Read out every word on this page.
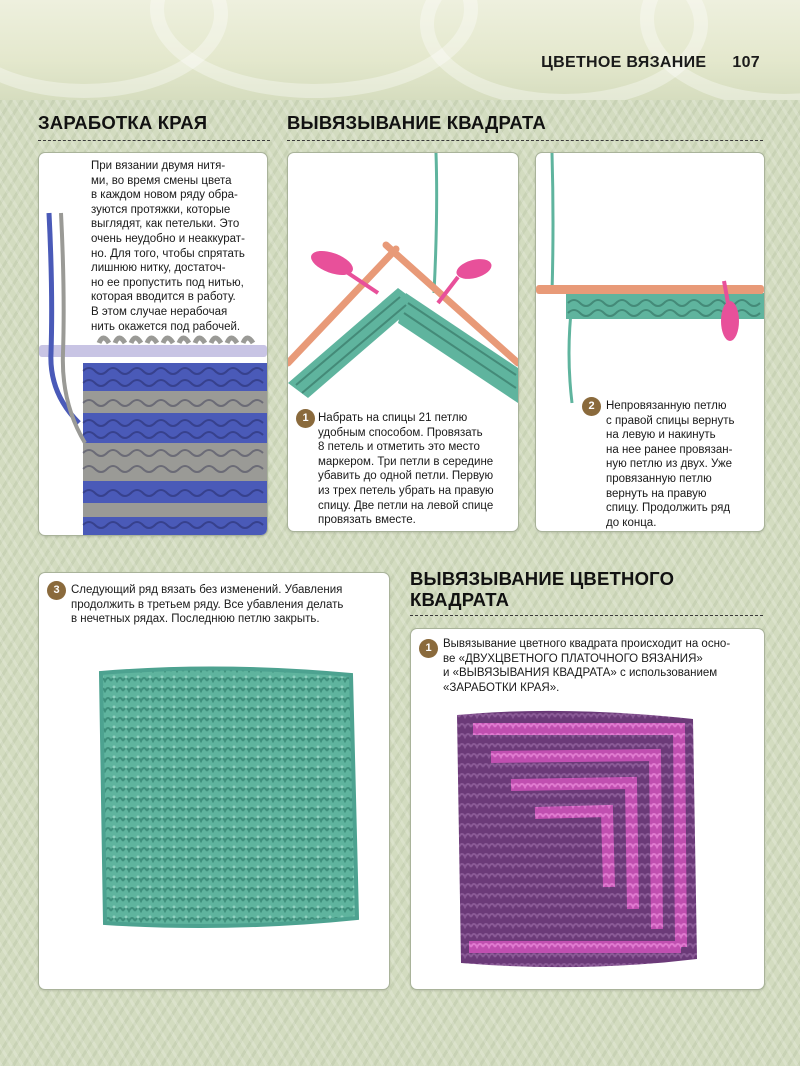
ЦВЕТНОЕ ВЯЗАНИЕ 107
ЗАРАБОТКА КРАЯ	ВЫВЯЗЫВАНИЕ КВАДРАТА
ВЫВЯЗЫВАНИЕ ЦВЕТНОГО
КВАДРАТА
При вязании двумя нитя-
ми, во время смены цвета
в каждом новом ряду обра-
зуются протяжки, которые
выглядят, как петельки. Это
очень неудобно и неаккурат-
но. Для того, чтобы спрятать
лишнюю нитку, достаточ-
но ее пропустить под нитью,
которая вводится в работу.
В этом случае нерабочая
нить окажется под рабочей.
1 Набрать на спицы 21 петлю
удобным способом. Провязать
8 петель и отметить это место
маркером. Три петли в середине
убавить до одной петли. Первую
из трех петель убрать на правую
спицу. Две петли на левой спице
провязать вместе.
2 Непровязанную петлю
с правой спицы вернуть
на левую и накинуть
на нее ранее провязан-
ную петлю из двух. Уже
провязанную петлю
вернуть на правую
спицу. Продолжить ряд
до конца.
3 Следующий ряд вязать без изменений. Убавления
продолжить в третьем ряду. Все убавления делать
в нечетных рядах. Последнюю петлю закрыть.
1 Вывязывание цветного квадрата происходит на осно-
ве «ДВУХЦВЕТНОГО ПЛАТОЧНОГО ВЯЗАНИЯ»
и «ВЫВЯЗЫВАНИЯ КВАДРАТА» с использованием
«ЗАРАБОТКИ КРАЯ».
